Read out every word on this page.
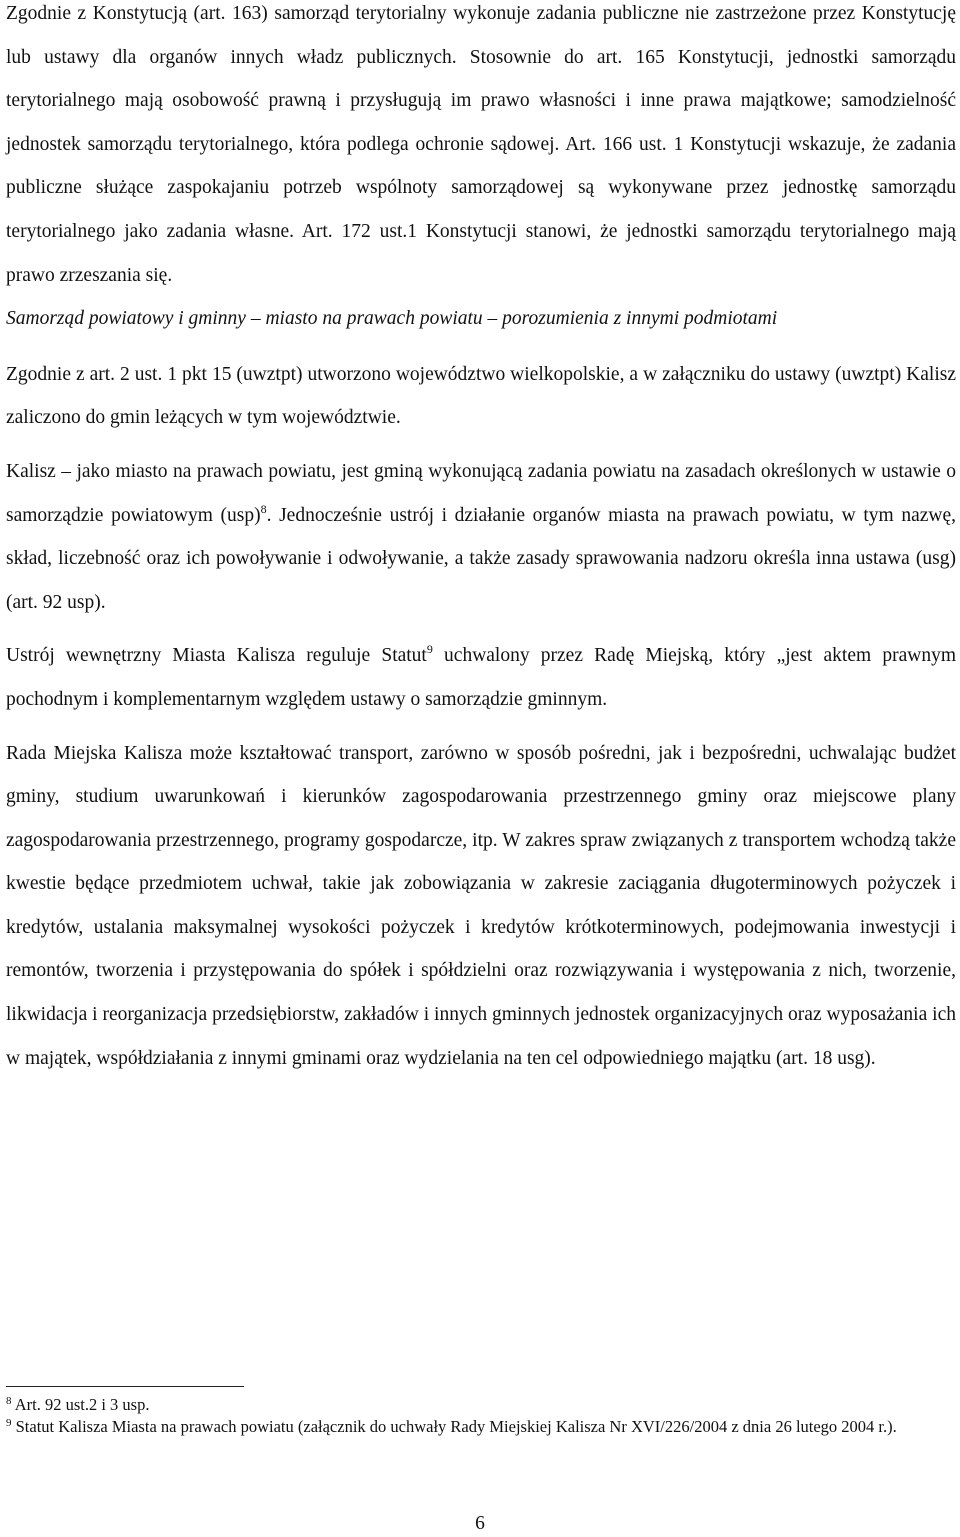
Zgodnie z Konstytucją (art. 163) samorząd terytorialny wykonuje zadania publiczne nie zastrzeżone przez Konstytucję lub ustawy dla organów innych władz publicznych. Stosownie do art. 165 Konstytucji, jednostki samorządu terytorialnego mają osobowość prawną i przysługują im prawo własności i inne prawa majątkowe; samodzielność jednostek samorządu terytorialnego, która podlega ochronie sądowej. Art. 166 ust. 1 Konstytucji wskazuje, że zadania publiczne służące zaspokajaniu potrzeb wspólnoty samorządowej są wykonywane przez jednostkę samorządu terytorialnego jako zadania własne. Art. 172 ust.1 Konstytucji stanowi, że jednostki samorządu terytorialnego mają prawo zrzeszania się.

Samorząd powiatowy i gminny – miasto na prawach powiatu – porozumienia z innymi podmiotami

Zgodnie z art. 2 ust. 1 pkt 15 (uwztpt) utworzono województwo wielkopolskie, a w załączniku do ustawy (uwztpt) Kalisz zaliczono do gmin leżących w tym województwie.

Kalisz – jako miasto na prawach powiatu, jest gminą wykonującą zadania powiatu na zasadach określonych w ustawie o samorządzie powiatowym (usp)$^8$. Jednocześnie ustrój i działanie organów miasta na prawach powiatu, w tym nazwę, skład, liczebność oraz ich powoływanie i odwoływanie, a także zasady sprawowania nadzoru określa inna ustawa (usg) (art. 92 usp).

Ustrój wewnętrzny Miasta Kalisza reguluje Statut$^9$ uchwalony przez Radę Miejską, który „jest aktem prawnym pochodnym i komplementarnym względem ustawy o samorządzie gminnym.

Rada Miejska Kalisza może kształtować transport, zarówno w sposób pośredni, jak i bezpośredni, uchwalając budżet gminy, studium uwarunkowań i kierunków zagospodarowania przestrzennego gminy oraz miejscowe plany zagospodarowania przestrzennego, programy gospodarcze, itp. W zakres spraw związanych z transportem wchodzą także kwestie będące przedmiotem uchwał, takie jak zobowiązania w zakresie zaciągania długoterminowych pożyczek i kredytów, ustalania maksymalnej wysokości pożyczek i kredytów krótkoterminowych, podejmowania inwestycji i remontów, tworzenia i przystępowania do spółek i spółdzielni oraz rozwiązywania i występowania z nich, tworzenie, likwidacja i reorganizacja przedsiębiorstw, zakładów i innych gminnych jednostek organizacyjnych oraz wyposażania ich w majątek, współdziałania z innymi gminami oraz wydzielania na ten cel odpowiedniego majątku (art. 18 usg).

$^8$ Art. 92 ust.2 i 3 usp.

$^9$ Statut Kalisza Miasta na prawach powiatu (załącznik do uchwały Rady Miejskiej Kalisza Nr XVI/226/2004 z dnia 26 lutego 2004 r.).

6
